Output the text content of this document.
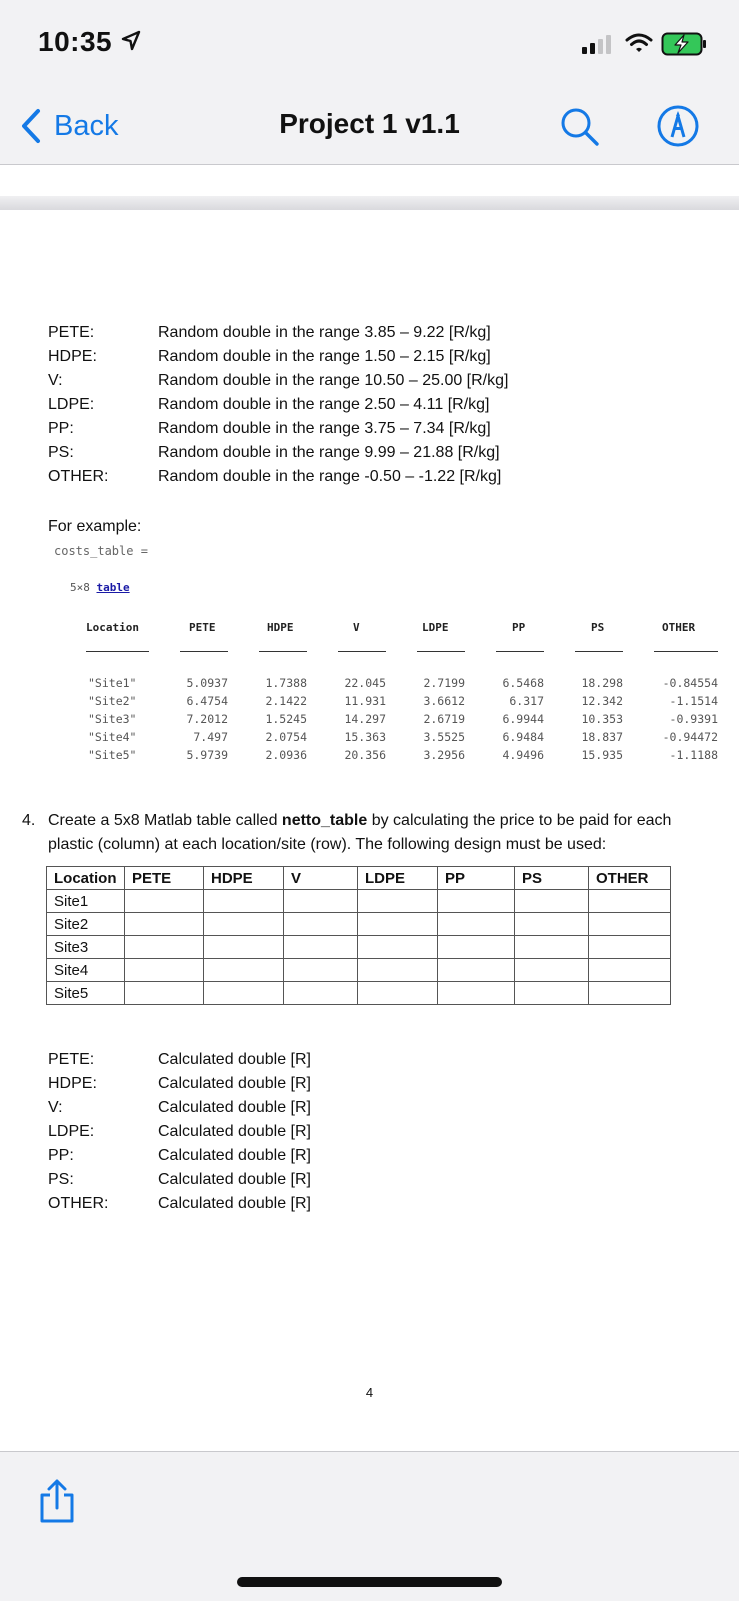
10:35
Back	Project 1 v1.1
PETE:	Random double in the range 3.85 – 9.22 [R/kg]
HDPE:	Random double in the range 1.50 – 2.15 [R/kg]
V:	Random double in the range 10.50 – 25.00 [R/kg]
LDPE:	Random double in the range 2.50 – 4.11 [R/kg]
PP:	Random double in the range 3.75 – 7.34 [R/kg]
PS:	Random double in the range 9.99 – 21.88 [R/kg]
OTHER:	Random double in the range -0.50 – -1.22 [R/kg]
For example:
costs_table =
5×8 table
Location	PETE	HDPE	V	LDPE	PP	PS	OTHER
"Site1"	5.0937	1.7388	22.045	2.7199	6.5468	18.298	-0.84554
"Site2"	6.4754	2.1422	11.931	3.6612	6.317	12.342	-1.1514
"Site3"	7.2012	1.5245	14.297	2.6719	6.9944	10.353	-0.9391
"Site4"	7.497	2.0754	15.363	3.5525	6.9484	18.837	-0.94472
"Site5"	5.9739	2.0936	20.356	3.2956	4.9496	15.935	-1.1188
4. Create a 5x8 Matlab table called netto_table by calculating the price to be paid for each plastic (column) at each location/site (row). The following design must be used:
Location	PETE	HDPE	V	LDPE	PP	PS	OTHER
Site1							
Site2							
Site3							
Site4							
Site5							
PETE:	Calculated double [R]
HDPE:	Calculated double [R]
V:	Calculated double [R]
LDPE:	Calculated double [R]
PP:	Calculated double [R]
PS:	Calculated double [R]
OTHER:	Calculated double [R]
4
